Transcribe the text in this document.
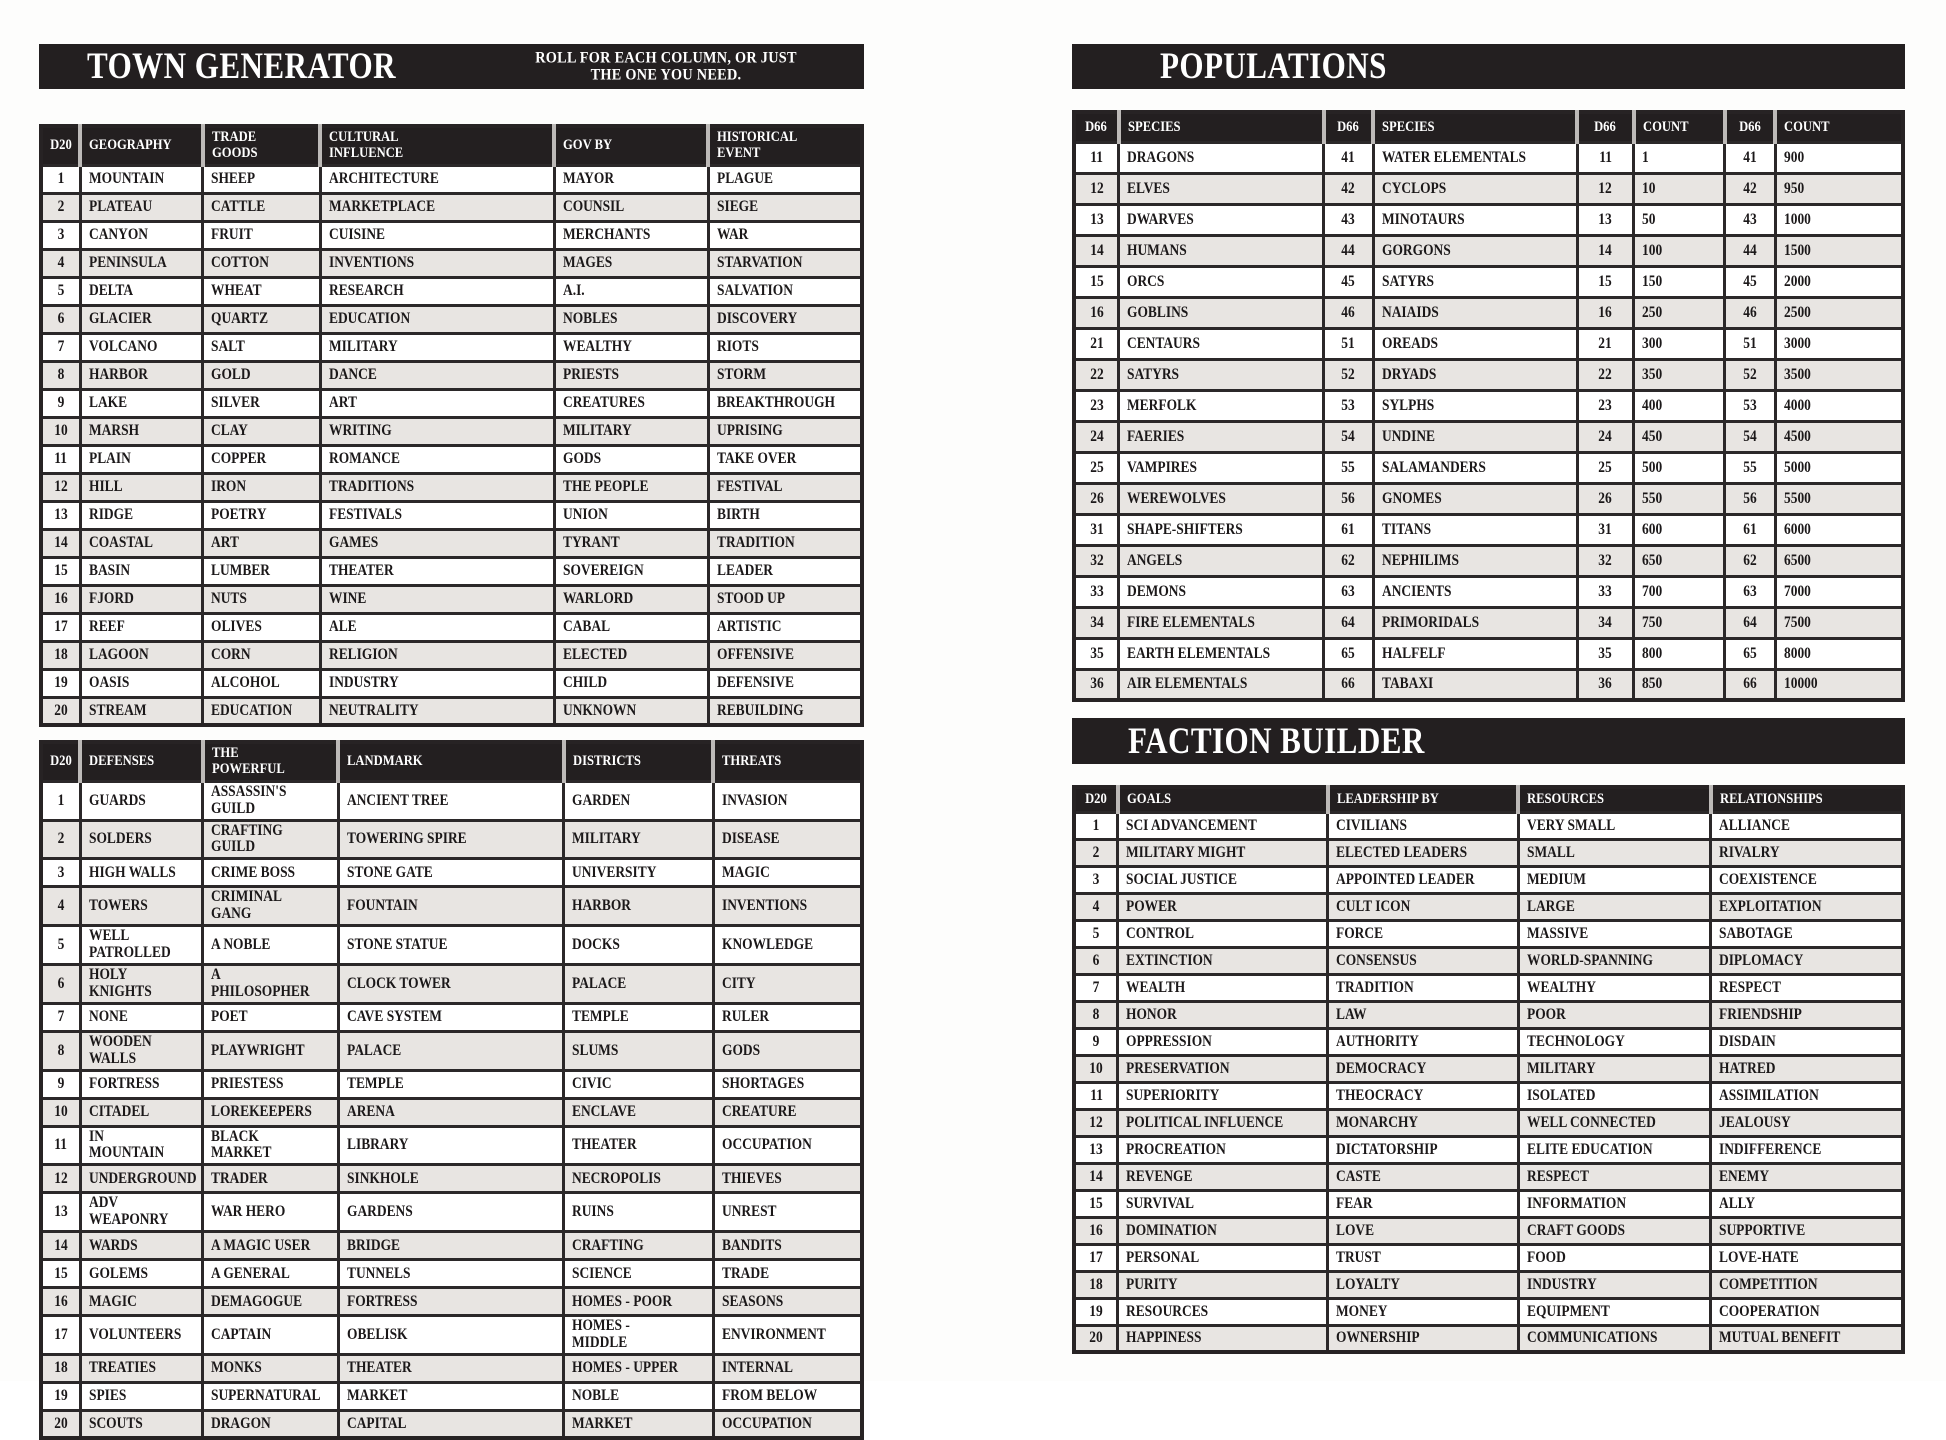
TOWN GENERATOR	ROLL FOR EACH COLUMN, OR JUST THE ONE YOU NEED.
D20	GEOGRAPHY	TRADE GOODS	CULTURAL INFLUENCE	GOV BY	HISTORICAL EVENT
1	MOUNTAIN	SHEEP	ARCHITECTURE	MAYOR	PLAGUE
2	PLATEAU	CATTLE	MARKETPLACE	COUNSIL	SIEGE
3	CANYON	FRUIT	CUISINE	MERCHANTS	WAR
4	PENINSULA	COTTON	INVENTIONS	MAGES	STARVATION
5	DELTA	WHEAT	RESEARCH	A.I.	SALVATION
6	GLACIER	QUARTZ	EDUCATION	NOBLES	DISCOVERY
7	VOLCANO	SALT	MILITARY	WEALTHY	RIOTS
8	HARBOR	GOLD	DANCE	PRIESTS	STORM
9	LAKE	SILVER	ART	CREATURES	BREAKTHROUGH
10	MARSH	CLAY	WRITING	MILITARY	UPRISING
11	PLAIN	COPPER	ROMANCE	GODS	TAKE OVER
12	HILL	IRON	TRADITIONS	THE PEOPLE	FESTIVAL
13	RIDGE	POETRY	FESTIVALS	UNION	BIRTH
14	COASTAL	ART	GAMES	TYRANT	TRADITION
15	BASIN	LUMBER	THEATER	SOVEREIGN	LEADER
16	FJORD	NUTS	WINE	WARLORD	STOOD UP
17	REEF	OLIVES	ALE	CABAL	ARTISTIC
18	LAGOON	CORN	RELIGION	ELECTED	OFFENSIVE
19	OASIS	ALCOHOL	INDUSTRY	CHILD	DEFENSIVE
20	STREAM	EDUCATION	NEUTRALITY	UNKNOWN	REBUILDING
D20	DEFENSES	THE POWERFUL	LANDMARK	DISTRICTS	THREATS
1	GUARDS	ASSASSIN'S GUILD	ANCIENT TREE	GARDEN	INVASION
2	SOLDERS	CRAFTING GUILD	TOWERING SPIRE	MILITARY	DISEASE
3	HIGH WALLS	CRIME BOSS	STONE GATE	UNIVERSITY	MAGIC
4	TOWERS	CRIMINAL GANG	FOUNTAIN	HARBOR	INVENTIONS
5	WELL PATROLLED	A NOBLE	STONE STATUE	DOCKS	KNOWLEDGE
6	HOLY KNIGHTS	A PHILOSOPHER	CLOCK TOWER	PALACE	CITY
7	NONE	POET	CAVE SYSTEM	TEMPLE	RULER
8	WOODEN WALLS	PLAYWRIGHT	PALACE	SLUMS	GODS
9	FORTRESS	PRIESTESS	TEMPLE	CIVIC	SHORTAGES
10	CITADEL	LOREKEEPERS	ARENA	ENCLAVE	CREATURE
11	IN MOUNTAIN	BLACK MARKET	LIBRARY	THEATER	OCCUPATION
12	UNDERGROUND	TRADER	SINKHOLE	NECROPOLIS	THIEVES
13	ADV WEAPONRY	WAR HERO	GARDENS	RUINS	UNREST
14	WARDS	A MAGIC USER	BRIDGE	CRAFTING	BANDITS
15	GOLEMS	A GENERAL	TUNNELS	SCIENCE	TRADE
16	MAGIC	DEMAGOGUE	FORTRESS	HOMES - POOR	SEASONS
17	VOLUNTEERS	CAPTAIN	OBELISK	HOMES - MIDDLE	ENVIRONMENT
18	TREATIES	MONKS	THEATER	HOMES - UPPER	INTERNAL
19	SPIES	SUPERNATURAL	MARKET	NOBLE	FROM BELOW
20	SCOUTS	DRAGON	CAPITAL	MARKET	OCCUPATION
POPULATIONS
D66	SPECIES	D66	SPECIES	D66	COUNT	D66	COUNT
11	DRAGONS	41	WATER ELEMENTALS	11	1	41	900
12	ELVES	42	CYCLOPS	12	10	42	950
13	DWARVES	43	MINOTAURS	13	50	43	1000
14	HUMANS	44	GORGONS	14	100	44	1500
15	ORCS	45	SATYRS	15	150	45	2000
16	GOBLINS	46	NAIAIDS	16	250	46	2500
21	CENTAURS	51	OREADS	21	300	51	3000
22	SATYRS	52	DRYADS	22	350	52	3500
23	MERFOLK	53	SYLPHS	23	400	53	4000
24	FAERIES	54	UNDINE	24	450	54	4500
25	VAMPIRES	55	SALAMANDERS	25	500	55	5000
26	WEREWOLVES	56	GNOMES	26	550	56	5500
31	SHAPE-SHIFTERS	61	TITANS	31	600	61	6000
32	ANGELS	62	NEPHILIMS	32	650	62	6500
33	DEMONS	63	ANCIENTS	33	700	63	7000
34	FIRE ELEMENTALS	64	PRIMORIDALS	34	750	64	7500
35	EARTH ELEMENTALS	65	HALFELF	35	800	65	8000
36	AIR ELEMENTALS	66	TABAXI	36	850	66	10000
FACTION BUILDER
D20	GOALS	LEADERSHIP BY	RESOURCES	RELATIONSHIPS
1	SCI ADVANCEMENT	CIVILIANS	VERY SMALL	ALLIANCE
2	MILITARY MIGHT	ELECTED LEADERS	SMALL	RIVALRY
3	SOCIAL JUSTICE	APPOINTED LEADER	MEDIUM	COEXISTENCE
4	POWER	CULT ICON	LARGE	EXPLOITATION
5	CONTROL	FORCE	MASSIVE	SABOTAGE
6	EXTINCTION	CONSENSUS	WORLD-SPANNING	DIPLOMACY
7	WEALTH	TRADITION	WEALTHY	RESPECT
8	HONOR	LAW	POOR	FRIENDSHIP
9	OPPRESSION	AUTHORITY	TECHNOLOGY	DISDAIN
10	PRESERVATION	DEMOCRACY	MILITARY	HATRED
11	SUPERIORITY	THEOCRACY	ISOLATED	ASSIMILATION
12	POLITICAL INFLUENCE	MONARCHY	WELL CONNECTED	JEALOUSY
13	PROCREATION	DICTATORSHIP	ELITE EDUCATION	INDIFFERENCE
14	REVENGE	CASTE	RESPECT	ENEMY
15	SURVIVAL	FEAR	INFORMATION	ALLY
16	DOMINATION	LOVE	CRAFT GOODS	SUPPORTIVE
17	PERSONAL	TRUST	FOOD	LOVE-HATE
18	PURITY	LOYALTY	INDUSTRY	COMPETITION
19	RESOURCES	MONEY	EQUIPMENT	COOPERATION
20	HAPPINESS	OWNERSHIP	COMMUNICATIONS	MUTUAL BENEFIT
